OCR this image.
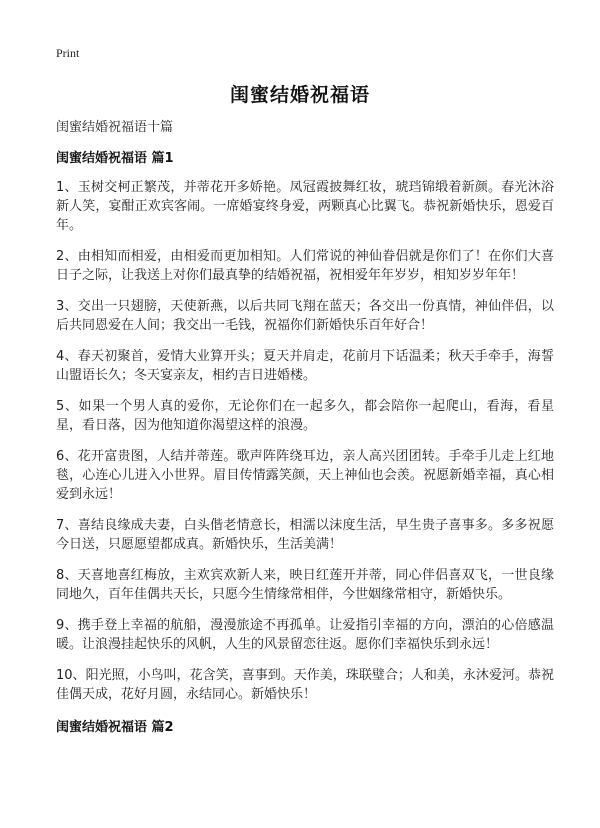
Print
闺蜜结婚祝福语
闺蜜结婚祝福语十篇
闺蜜结婚祝福语 篇1
1、玉树交柯正繁茂，并蒂花开多娇艳。凤冠霞披舞红妆，琥珰锦缎着新颜。春光沐浴新人笑，宴酣正欢宾客闹。一席婚宴终身爱，两颗真心比翼飞。恭祝新婚快乐，恩爱百年。
2、由相知而相爱，由相爱而更加相知。人们常说的神仙眷侣就是你们了！在你们大喜日子之际，让我送上对你们最真挚的结婚祝福，祝相爱年年岁岁，相知岁岁年年！
3、交出一只翅膀，天使新燕，以后共同飞翔在蓝天；各交出一份真情，神仙伴侣，以后共同恩爱在人间；我交出一毛钱，祝福你们新婚快乐百年好合！
4、春天初聚首，爱情大业算开头；夏天并肩走，花前月下话温柔；秋天手牵手，海誓山盟语长久；冬天宴亲友，相约吉日进婚楼。
5、如果一个男人真的爱你，无论你们在一起多久，都会陪你一起爬山，看海，看星星，看日落，因为他知道你渴望这样的浪漫。
6、花开富贵图，人结并蒂莲。歌声阵阵绕耳边，亲人高兴团团转。手牵手儿走上红地毯，心连心儿进入小世界。眉目传情露笑颜，天上神仙也会羡。祝愿新婚幸福，真心相爱到永远！
7、喜结良缘成夫妻，白头偕老情意长，相濡以沫度生活，早生贵子喜事多。多多祝愿今日送，只愿愿望都成真。新婚快乐，生活美满！
8、天喜地喜红梅放，主欢宾欢新人来，映日红莲开并蒂，同心伴侣喜双飞，一世良缘同地久，百年佳偶共天长，只愿今生情缘常相伴，今世姻缘常相守，新婚快乐。
9、携手登上幸福的航船，漫漫旅途不再孤单。让爱指引幸福的方向，漂泊的心倍感温暖。让浪漫挂起快乐的风帆，人生的风景留恋往返。愿你们幸福快乐到永远！
10、阳光照，小鸟叫，花含笑，喜事到。天作美，珠联璧合；人和美，永沐爱河。恭祝佳偶天成，花好月圆，永结同心。新婚快乐！
闺蜜结婚祝福语 篇2
